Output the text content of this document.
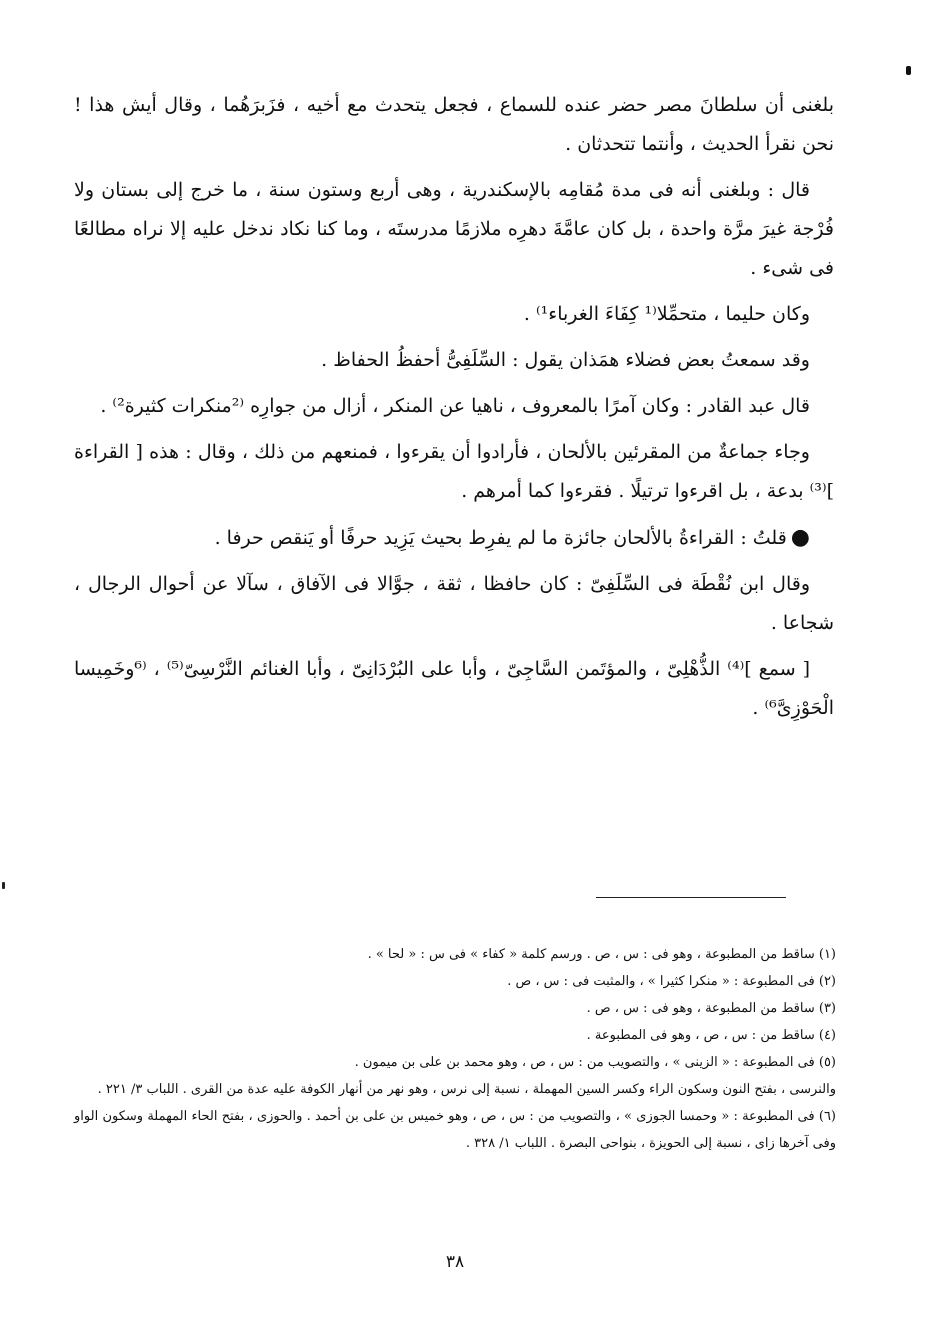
بلغنى أن سلطانَ مصر حضر عنده للسماع ، فجعل يتحدث مع أخيه ، فزَبرَهُما ، وقال أيش هذا ! نحن نقرأ الحديث ، وأنتما تتحدثان .

قال : وبلغنى أنه فى مدة مُقامِه بالإسكندرية ، وهى أربع وستون سنة ، ما خرج إلى بستان ولا فُرْجة غيرَ مرَّة واحدة ، بل كان عامَّةَ دهرِه ملازمًا مدرستَه ، وما كنا نكاد ندخل عليه إلا نراه مطالعًا فى شىء .

وكان حليما ، متحمِّلا⁽¹ كِفَاءَ الغرباء¹⁾ .

وقد سمعتُ بعض فضلاء همَذان يقول : السِّلَفِىُّ أحفظُ الحفاظ .

قال عبد القادر : وكان آمرًا بالمعروف ، ناهيا عن المنكر ، أزال من جوارِه ⁽²منكرات كثيرة²⁾ .

وجاء جماعةٌ من المقرئين بالألحان ، فأرادوا أن يقرءوا ، فمنعهم من ذلك ، وقال : هذه [ القراءة ]⁽³⁾ بدعة ، بل اقرءوا ترتيلًا . فقرءوا كما أمرهم .

●قلتُ : القراءةُ بالألحان جائزة ما لم يفرِط بحيث يَزِيد حرفًا أو يَنقص حرفا .

وقال ابن نُقْطَة فى السِّلَفِىّ : كان حافظا ، ثقة ، جوَّالا فى الآفاق ، سآلا عن أحوال الرجال ، شجاعا .

[ سمع ]⁽⁴⁾ الذُّهْلِىّ ، والمؤتَمن السَّاجِىّ ، وأبا على البُرْدَانِىّ ، وأبا الغنائم النَّرْسِىّ⁽⁵⁾ ، ⁽⁶وخَمِيسا الْحَوْزِىَّ⁶⁾ .

(١) ساقط من المطبوعة ، وهو فى : س ، ص . ورسم كلمة « كفاء » فى س : « لحا » .

(٢) فى المطبوعة : « منكرا كثيرا » ، والمثبت فى : س ، ص .

(٣) ساقط من المطبوعة ، وهو فى : س ، ص .

(٤) ساقط من : س ، ص ، وهو فى المطبوعة .

(٥) فى المطبوعة : « الزينى » ، والتصويب من : س ، ص ، وهو محمد بن على بن ميمون .

والنرسى ، بفتح النون وسكون الراء وكسر السين المهملة ، نسبة إلى نرس ، وهو نهر من أنهار الكوفة عليه عدة من القرى . اللباب ٣/ ٢٢١ .

(٦) فى المطبوعة : « وحمسا الجوزى » ، والتصويب من : س ، ص ، وهو خميس بن على بن أحمد . والحوزى ، بفتح الحاء المهملة وسكون الواو وفى آخرها زاى ، نسبة إلى الحويزة ، بنواحى البصرة . اللباب ١/ ٣٢٨ .

٣٨
